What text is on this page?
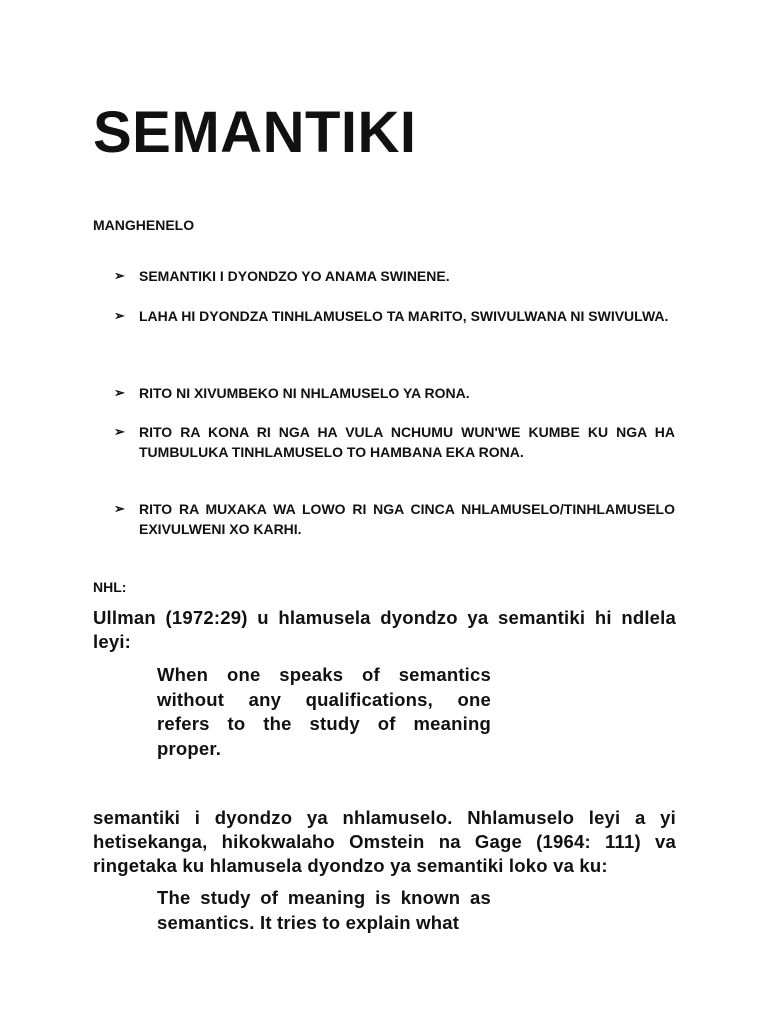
SEMANTIKI

MANGHENELO

➢ SEMANTIKI I DYONDZO YO ANAMA SWINENE.

➢ LAHA HI DYONDZA TINHLAMUSELO TA MARITO, SWIVULWANA NI SWIVULWA.

➢ RITO NI XIVUMBEKO NI NHLAMUSELO YA RONA.

➢ RITO RA KONA RI NGA HA VULA NCHUMU WUN'WE KUMBE KU NGA HA TUMBULUKA TINHLAMUSELO TO HAMBANA EKA RONA.

➢ RITO RA MUXAKA WA LOWO RI NGA CINCA NHLAMUSELO/TINHLAMUSELO EXIVULWENI XO KARHI.

NHL:

Ullman (1972:29) u hlamusela dyondzo ya semantiki hi ndlela leyi:

When one speaks of semantics without any qualifications, one refers to the study of meaning proper.

semantiki i dyondzo ya nhlamuselo. Nhlamuselo leyi a yi hetisekanga, hikokwalaho Omstein na Gage (1964: 111) va ringetaka ku hlamusela dyondzo ya semantiki loko va ku:

The study of meaning is known as semantics. It tries to explain what
